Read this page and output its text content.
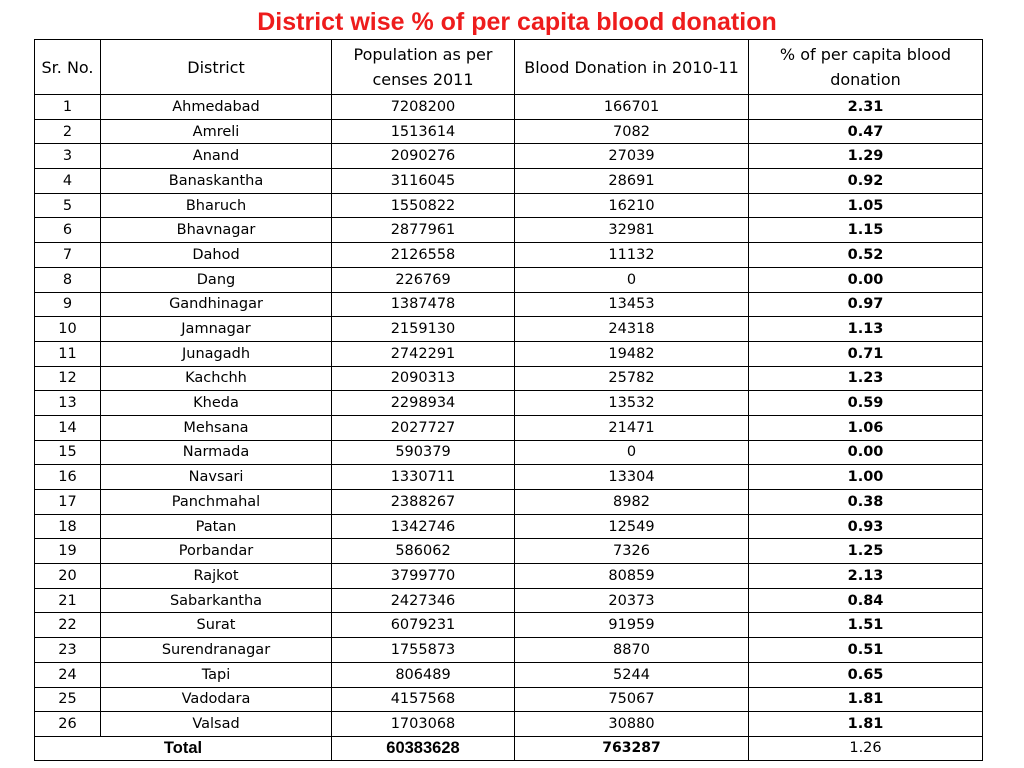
District wise % of per capita blood donation
Sr. No.	District	Population as per censes 2011	Blood Donation in 2010-11	% of per capita blood donation
1	Ahmedabad	7208200	166701	2.31
2	Amreli	1513614	7082	0.47
3	Anand	2090276	27039	1.29
4	Banaskantha	3116045	28691	0.92
5	Bharuch	1550822	16210	1.05
6	Bhavnagar	2877961	32981	1.15
7	Dahod	2126558	11132	0.52
8	Dang	226769	0	0.00
9	Gandhinagar	1387478	13453	0.97
10	Jamnagar	2159130	24318	1.13
11	Junagadh	2742291	19482	0.71
12	Kachchh	2090313	25782	1.23
13	Kheda	2298934	13532	0.59
14	Mehsana	2027727	21471	1.06
15	Narmada	590379	0	0.00
16	Navsari	1330711	13304	1.00
17	Panchmahal	2388267	8982	0.38
18	Patan	1342746	12549	0.93
19	Porbandar	586062	7326	1.25
20	Rajkot	3799770	80859	2.13
21	Sabarkantha	2427346	20373	0.84
22	Surat	6079231	91959	1.51
23	Surendranagar	1755873	8870	0.51
24	Tapi	806489	5244	0.65
25	Vadodara	4157568	75067	1.81
26	Valsad	1703068	30880	1.81
Total		60383628	763287	1.26
